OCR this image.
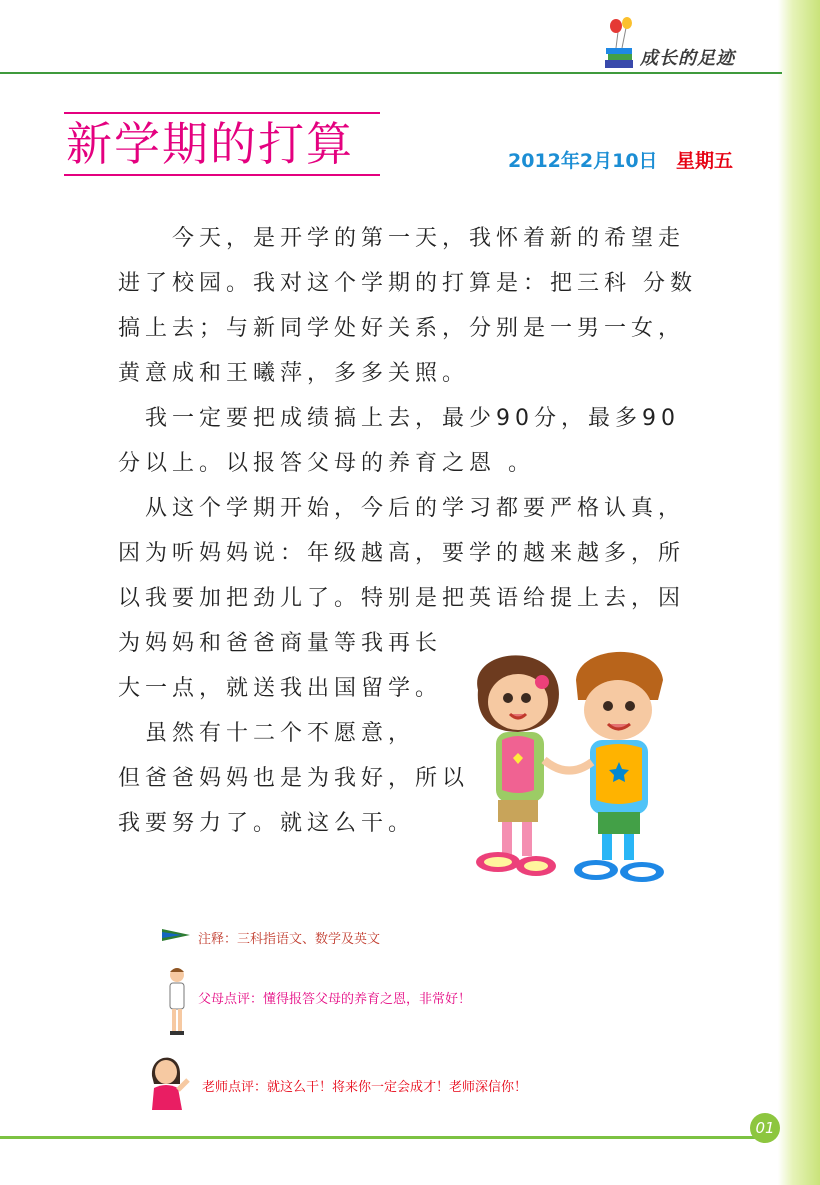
成长的足迹
新学期的打算	2012年2月10日 星期五
　　今天，是开学的第一天，我怀着新的希望走
进了校园。我对这个学期的打算是：把三科 分数
搞上去；与新同学处好关系，分别是一男一女，
黄意成和王曦萍，多多关照。
　我一定要把成绩搞上去，最少90分，最多90
分以上。以报答父母的养育之恩 。
　从这个学期开始，今后的学习都要严格认真，
因为听妈妈说：年级越高，要学的越来越多，所
以我要加把劲儿了。特别是把英语给提上去，因
为妈妈和爸爸商量等我再长
大一点，就送我出国留学。
　虽然有十二个不愿意，
但爸爸妈妈也是为我好，所以
我要努力了。就这么干。
注释：三科指语文、数学及英文
父母点评：懂得报答父母的养育之恩，非常好！
老师点评：就这么干！将来你一定会成才！老师深信你！
01
